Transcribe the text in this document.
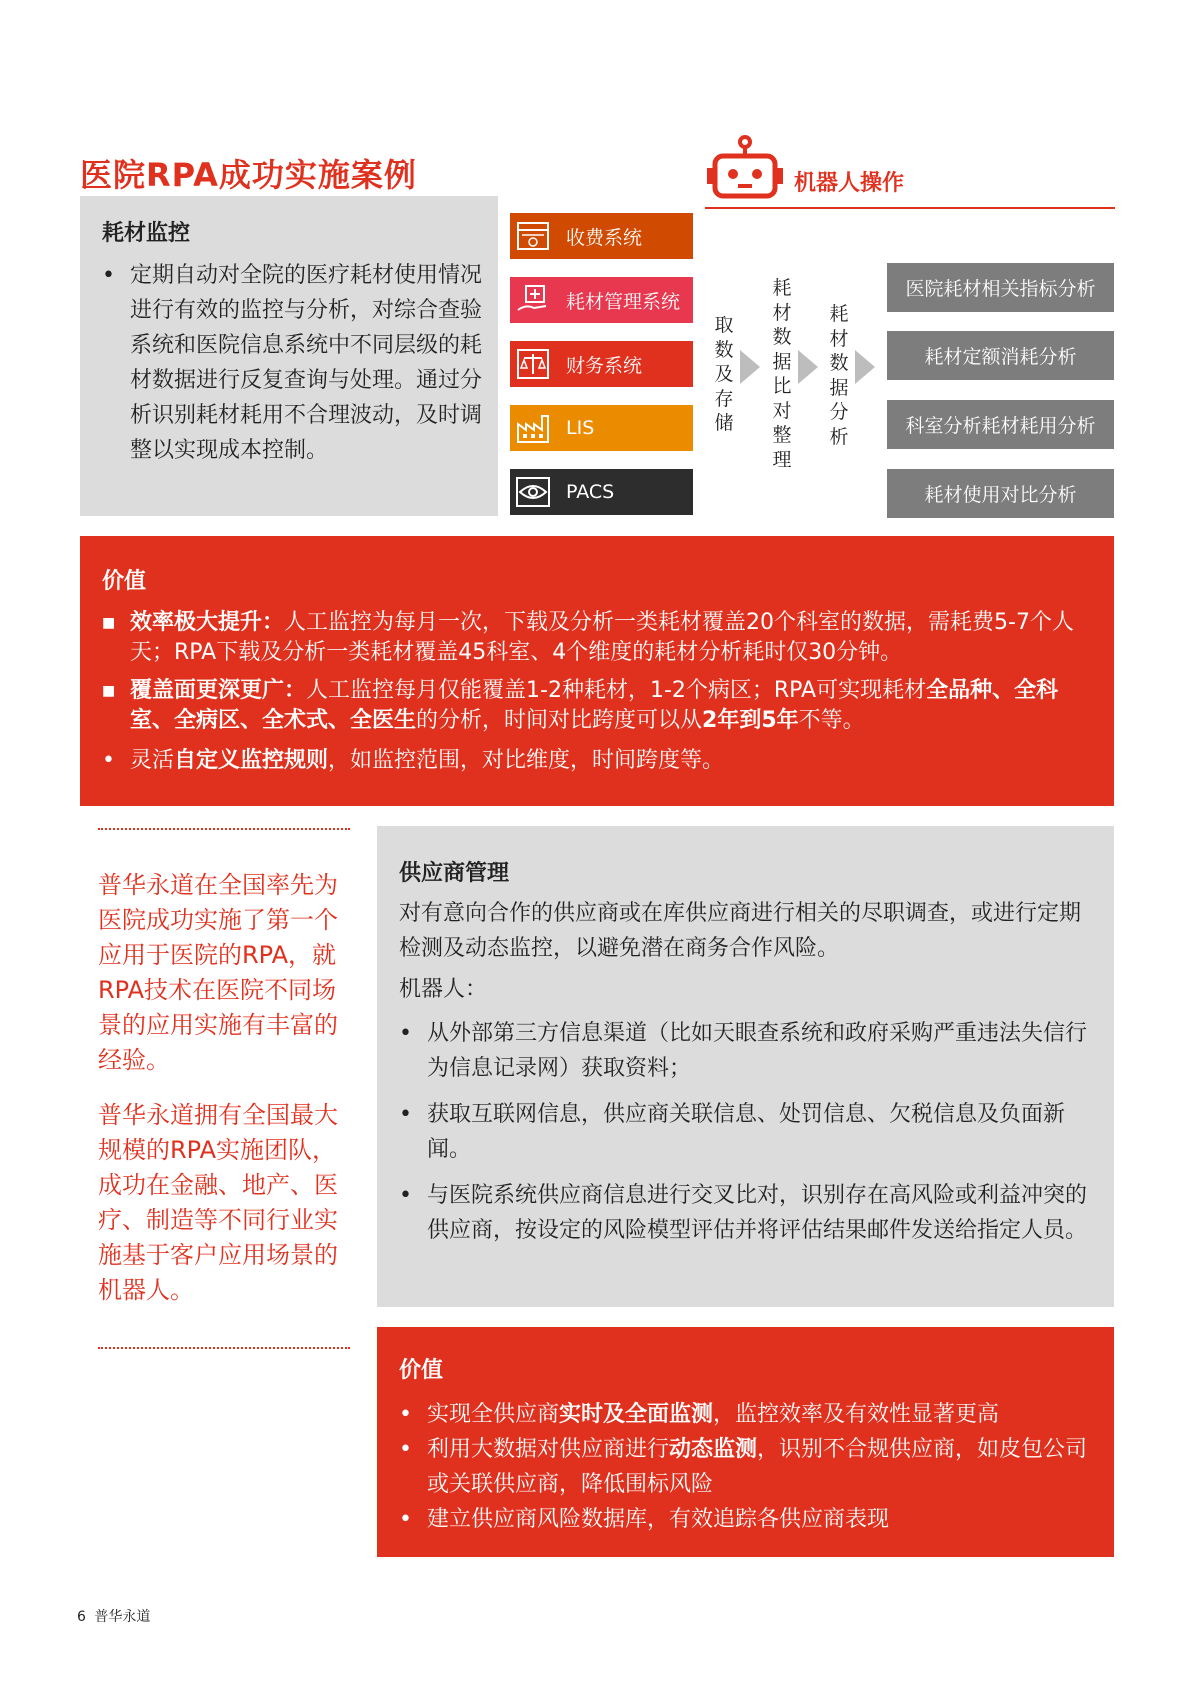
医院RPA成功实施案例	机器人操作
耗材监控
• 定期自动对全院的医疗耗材使用情况进行有效的监控与分析，对综合查验系统和医院信息系统中不同层级的耗材数据进行反复查询与处理。通过分析识别耗材耗用不合理波动，及时调整以实现成本控制。
收费系统
耗材管理系统
财务系统
LIS
PACS
取
数
及
存
储
耗
材
数
据
比
对
整
理
耗
材
数
据
分
析
医院耗材相关指标分析
耗材定额消耗分析
科室分析耗材耗用分析
耗材使用对比分析
价值
■ 效率极大提升：人工监控为每月一次，下载及分析一类耗材覆盖20个科室的数据，需耗费5-7个人天；RPA下载及分析一类耗材覆盖45科室、4个维度的耗材分析耗时仅30分钟。
■ 覆盖面更深更广：人工监控每月仅能覆盖1-2种耗材，1-2个病区；RPA可实现耗材全品种、全科室、全病区、全术式、全医生的分析，时间对比跨度可以从2年到5年不等。
• 灵活自定义监控规则，如监控范围，对比维度，时间跨度等。
普华永道在全国率先为医院成功实施了第一个应用于医院的RPA，就RPA技术在医院不同场景的应用实施有丰富的经验。
普华永道拥有全国最大规模的RPA实施团队，成功在金融、地产、医疗、制造等不同行业实施基于客户应用场景的机器人。
供应商管理
对有意向合作的供应商或在库供应商进行相关的尽职调查，或进行定期检测及动态监控，以避免潜在商务合作风险。
机器人：
• 从外部第三方信息渠道（比如天眼查系统和政府采购严重违法失信行为信息记录网）获取资料；
• 获取互联网信息，供应商关联信息、处罚信息、欠税信息及负面新闻。
• 与医院系统供应商信息进行交叉比对，识别存在高风险或利益冲突的供应商，按设定的风险模型评估并将评估结果邮件发送给指定人员。
价值
• 实现全供应商实时及全面监测，监控效率及有效性显著更高
• 利用大数据对供应商进行动态监测，识别不合规供应商，如皮包公司或关联供应商，降低围标风险
• 建立供应商风险数据库，有效追踪各供应商表现
6 普华永道
